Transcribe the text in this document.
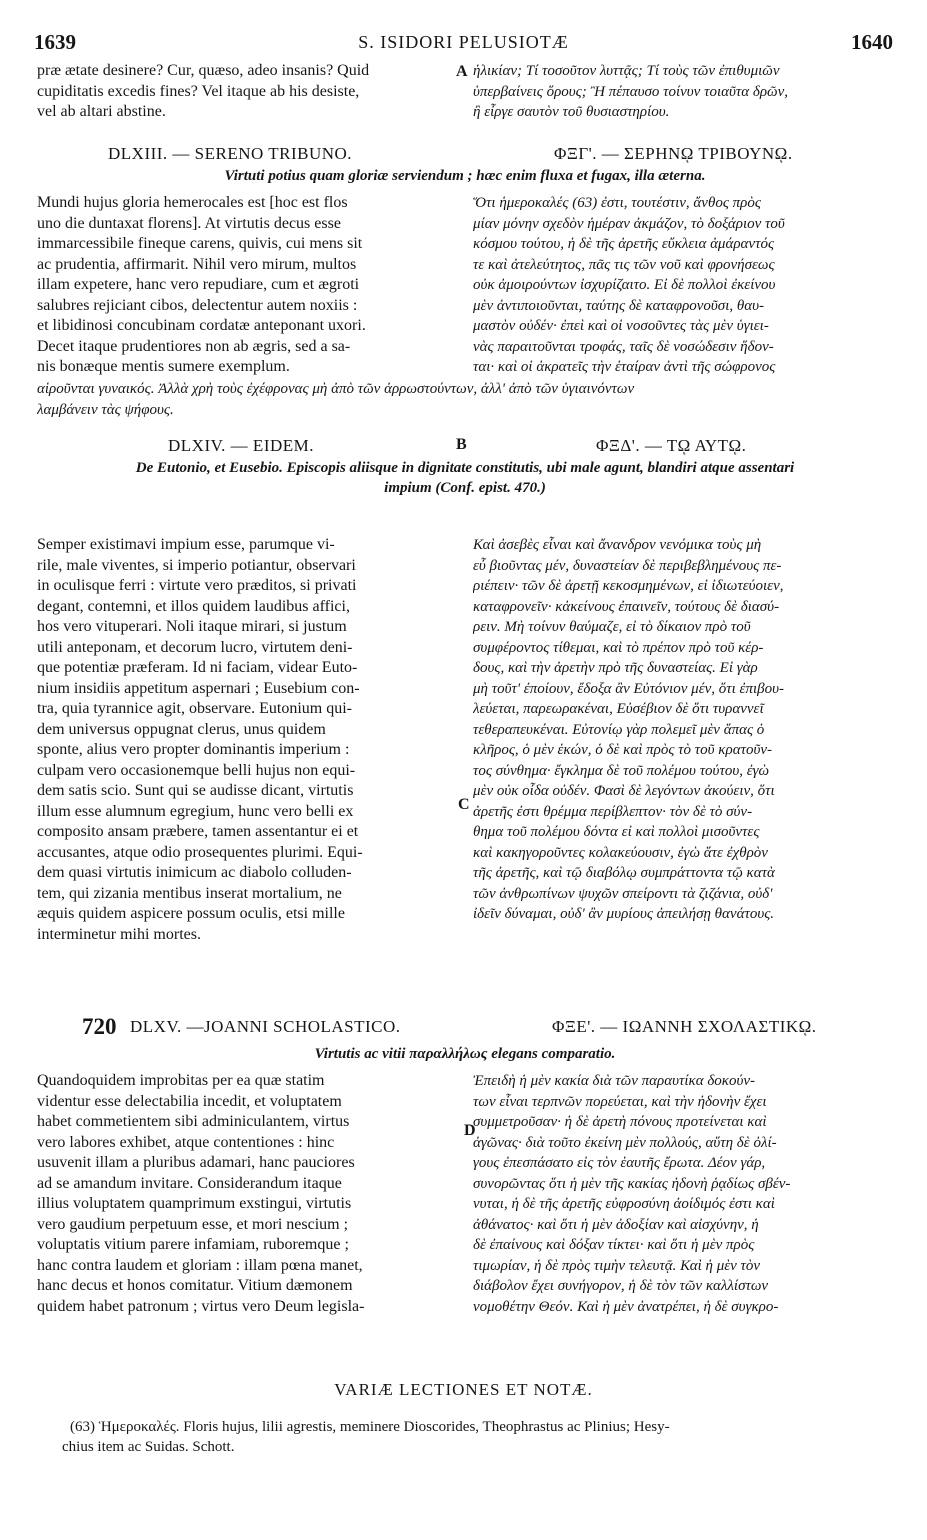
1639	S. ISIDORI PELUSIOTÆ	1640
præ ætate desinere? Cur, quæso, adeo insanis? Quid
cupiditatis excedis fines? Vel itaque ab his desiste,
vel ab altari abstine.
A ἡλικίαν; Τί τοσοῦτον λυττᾷς; Τί τοὺς τῶν ἐπιθυμιῶν
ὑπερβαίνεις ὅρους; Ἢ πέπαυσο τοίνυν τοιαῦτα δρῶν,
ἢ εἶργε σαυτὸν τοῦ θυσιαστηρίου.
DLXIII. — SERENO TRIBUNO.	ΦΞΓ'. — ΣΕΡΗΝῼ ΤΡΙΒΟΥΝῼ.
Virtuti potius quam gloriæ serviendum ; hæc enim fluxa et fugax, illa æterna.
Mundi hujus gloria hemerocales est [hoc est flos
uno die duntaxat florens]. At virtutis decus esse
immarcessibile fineque carens, quivis, cui mens sit
ac prudentia, affirmarit. Nihil vero mirum, multos
illam expetere, hanc vero repudiare, cum et ægroti
salubres rejiciant cibos, delectentur autem noxiis :
et libidinosi concubinam cordatæ anteponant uxori.
Decet itaque prudentiores non ab ægris, sed a sa-
nis bonæque mentis sumere exemplum.
Ὅτι ἡμεροκαλές (63) ἐστι, τουτέστιν, ἄνθος πρὸς
μίαν μόνην σχεδὸν ἡμέραν ἀκμάζον, τὸ δοξάριον τοῦ
κόσμου τούτου, ἡ δὲ τῆς ἀρετῆς εὔκλεια ἀμάραντός
τε καὶ ἀτελεύτητος, πᾶς τις τῶν νοῦ καὶ φρονήσεως
οὐκ ἀμοιρούντων ἰσχυρίζαιτο. Εἰ δὲ πολλοὶ ἐκείνου
μὲν ἀντιποιοῦνται, ταύτης δὲ καταφρονοῦσι, θαυ-
μαστὸν οὐδέν· ἐπεὶ καὶ οἱ νοσοῦντες τὰς μὲν ὑγιει-
νὰς παραιτοῦνται τροφάς, ταῖς δὲ νοσώδεσιν ἥδον-
ται· καὶ οἱ ἀκρατεῖς τὴν ἑταίραν ἀντὶ τῆς σώφρονος
αἱροῦνται γυναικός. Ἀλλὰ χρὴ τοὺς ἐχέφρονας μὴ ἀπὸ τῶν ἀρρωστούντων, ἀλλ' ἀπὸ τῶν ὑγιαινόντων
λαμβάνειν τὰς ψήφους.
DLXIV. — EIDEM.	B	ΦΞΔ'. — Τῼ ΑΥΤῼ.
De Eutonio, et Eusebio. Episcopis aliisque in dignitate constitutis, ubi male agunt, blandiri atque assentari
impium (Conf. epist. 470.)
Semper existimavi impium esse, parumque vi-
rile, male viventes, si imperio potiantur, observari
in oculisque ferri : virtute vero præditos, si privati
degant, contemni, et illos quidem laudibus affici,
hos vero vituperari. Noli itaque mirari, si justum
utili anteponam, et decorum lucro, virtutem deni-
que potentiæ præferam. Id ni faciam, videar Euto-
nium insidiis appetitum aspernari ; Eusebium con-
tra, quia tyrannice agit, observare. Eutonium qui-
dem universus oppugnat clerus, unus quidem
sponte, alius vero propter dominantis imperium :
culpam vero occasionemque belli hujus non equi-
dem satis scio. Sunt qui se audisse dicant, virtutis
illum esse alumnum egregium, hunc vero belli ex
composito ansam præbere, tamen assentantur ei et
accusantes, atque odio prosequentes plurimi. Equi-
dem quasi virtutis inimicum ac diabolo colluden-
tem, qui zizania mentibus inserat mortalium, ne
æquis quidem aspicere possum oculis, etsi mille
interminetur mihi mortes.
C
Καὶ ἀσεβὲς εἶναι καὶ ἄνανδρον νενόμικα τοὺς μὴ
εὖ βιοῦντας μέν, δυναστείαν δὲ περιβεβλημένους πε-
ριέπειν· τῶν δὲ ἀρετῇ κεκοσμημένων, εἰ ἰδιωτεύοιεν,
καταφρονεῖν· κἀκείνους ἐπαινεῖν, τούτους δὲ διασύ-
ρειν. Μὴ τοίνυν θαύμαζε, εἰ τὸ δίκαιον πρὸ τοῦ
συμφέροντος τίθεμαι, καὶ τὸ πρέπον πρὸ τοῦ κέρ-
δους, καὶ τὴν ἀρετὴν πρὸ τῆς δυναστείας. Εἰ γὰρ
μὴ τοῦτ' ἐποίουν, ἔδοξα ἂν Εὐτόνιον μέν, ὅτι ἐπιβου-
λεύεται, παρεωρακέναι, Εὐσέβιον δὲ ὅτι τυραννεῖ
τεθεραπευκέναι. Εὐτονίῳ γὰρ πολεμεῖ μὲν ἅπας ὁ
κλῆρος, ὁ μὲν ἑκών, ὁ δὲ καὶ πρὸς τὸ τοῦ κρατοῦν-
τος σύνθημα· ἔγκλημα δὲ τοῦ πολέμου τούτου, ἐγὼ
μὲν οὐκ οἶδα οὐδέν. Φασὶ δὲ λεγόντων ἀκούειν, ὅτι
ἀρετῆς ἐστι θρέμμα περίβλεπτον· τὸν δὲ τὸ σύν-
θημα τοῦ πολέμου δόντα εἰ καὶ πολλοὶ μισοῦντες
καὶ κακηγοροῦντες κολακεύουσιν, ἐγὼ ἅτε ἐχθρὸν
τῆς ἀρετῆς, καὶ τῷ διαβόλῳ συμπράττοντα τῷ κατὰ
τῶν ἀνθρωπίνων ψυχῶν σπείροντι τὰ ζιζάνια, οὐδ'
ἰδεῖν δύναμαι, οὐδ' ἂν μυρίους ἀπειλήσῃ θανάτους.
720 DLXV. —JOANNI SCHOLASTICO.	ΦΞΕ'. — ΙΩΑΝΝΗ ΣΧΟΛΑΣΤΙΚῼ.
Virtutis ac vitii παραλλήλως elegans comparatio.
Quandoquidem improbitas per ea quæ statim
videntur esse delectabilia incedit, et voluptatem
habet commetientem sibi adminiculantem, virtus
vero labores exhibet, atque contentiones : hinc
usuvenit illam a pluribus adamari, hanc pauciores
ad se amandum invitare. Considerandum itaque
illius voluptatem quamprimum exstingui, virtutis
vero gaudium perpetuum esse, et mori nescium ;
voluptatis vitium parere infamiam, ruboremque ;
hanc contra laudem et gloriam : illam pœna manet,
hanc decus et honos comitatur. Vitium dæmonem
quidem habet patronum ; virtus vero Deum legisla-
D
Ἐπειδὴ ἡ μὲν κακία διὰ τῶν παραυτίκα δοκούν-
των εἶναι τερπνῶν πορεύεται, καὶ τὴν ἡδονὴν ἔχει
συμμετροῦσαν· ἡ δὲ ἀρετὴ πόνους προτείνεται καὶ
ἀγῶνας· διὰ τοῦτο ἐκείνη μὲν πολλούς, αὕτη δὲ ὀλί-
γους ἐπεσπάσατο εἰς τὸν ἑαυτῆς ἔρωτα. Δέον γάρ,
συνορῶντας ὅτι ἡ μὲν τῆς κακίας ἡδονὴ ῥᾳδίως σβέν-
νυται, ἡ δὲ τῆς ἀρετῆς εὐφροσύνη ἀοίδιμός ἐστι καὶ
ἀθάνατος· καὶ ὅτι ἡ μὲν ἀδοξίαν καὶ αἰσχύνην, ἡ
δὲ ἐπαίνους καὶ δόξαν τίκτει· καὶ ὅτι ἡ μὲν πρὸς
τιμωρίαν, ἡ δὲ πρὸς τιμὴν τελευτᾷ. Καὶ ἡ μὲν τὸν
διάβολον ἔχει συνήγορον, ἡ δὲ τὸν τῶν καλλίστων
νομοθέτην Θεόν. Καὶ ἡ μὲν ἀνατρέπει, ἡ δὲ συγκρο-
VARIÆ LECTIONES ET NOTÆ.
(63) Ἡμεροκαλές. Floris hujus, lilii agrestis, meminere Dioscorides, Theophrastus ac Plinius; Hesy-
chius item ac Suidas. Schott.
